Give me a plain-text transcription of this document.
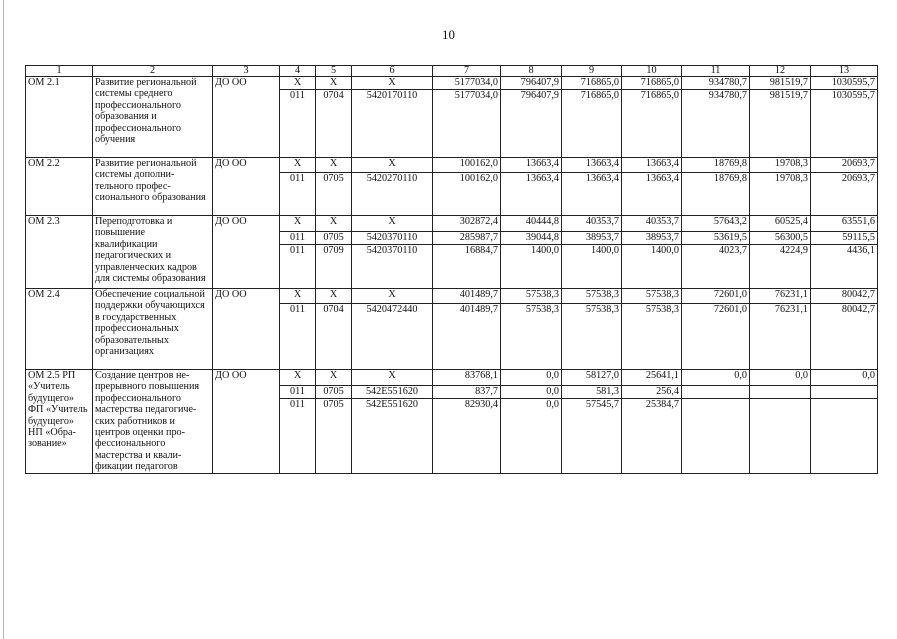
10
1	2	3	4	5	6	7	8	9	10	11	12	13
ОМ 2.1	Развитие региональной системы среднего профессионального образования и профессионального обучения	ДО ОО	Х	Х	Х	5177034,0	796407,9	716865,0	716865,0	934780,7	981519,7	1030595,7
			011	0704	5420170110	5177034,0	796407,9	716865,0	716865,0	934780,7	981519,7	1030595,7
ОМ 2.2	Развитие региональной системы дополни-тельного профес-сионального образования	ДО ОО	Х	Х	Х	100162,0	13663,4	13663,4	13663,4	18769,8	19708,3	20693,7
			011	0705	5420270110	100162,0	13663,4	13663,4	13663,4	18769,8	19708,3	20693,7
ОМ 2.3	Переподготовка и повышение квалификации педагогических и управленческих кадров для системы образования	ДО ОО	Х	Х	Х	302872,4	40444,8	40353,7	40353,7	57643,2	60525,4	63551,6
			011	0705	5420370110	285987,7	39044,8	38953,7	38953,7	53619,5	56300,5	59115,5
			011	0709	5420370110	16884,7	1400,0	1400,0	1400,0	4023,7	4224,9	4436,1
ОМ 2.4	Обеспечение социальной поддержки обучающихся в государственных профессиональных образовательных организациях	ДО ОО	Х	Х	Х	401489,7	57538,3	57538,3	57538,3	72601,0	76231,1	80042,7
			011	0704	5420472440	401489,7	57538,3	57538,3	57538,3	72601,0	76231,1	80042,7
ОМ 2.5 РП «Учитель будущего» ФП «Учитель будущего» НП «Обра-зование»	Создание центров не-прерывного повышения профессионального мастерства педагогиче-ских работников и центров оценки про-фессионального мастерства и квали-фикации педагогов	ДО ОО	Х	Х	Х	83768,1	0,0	58127,0	25641,1	0,0	0,0	0,0
			011	0705	542E551620	837,7	0,0	581,3	256,4			
			011	0705	542E551620	82930,4	0,0	57545,7	25384,7			
